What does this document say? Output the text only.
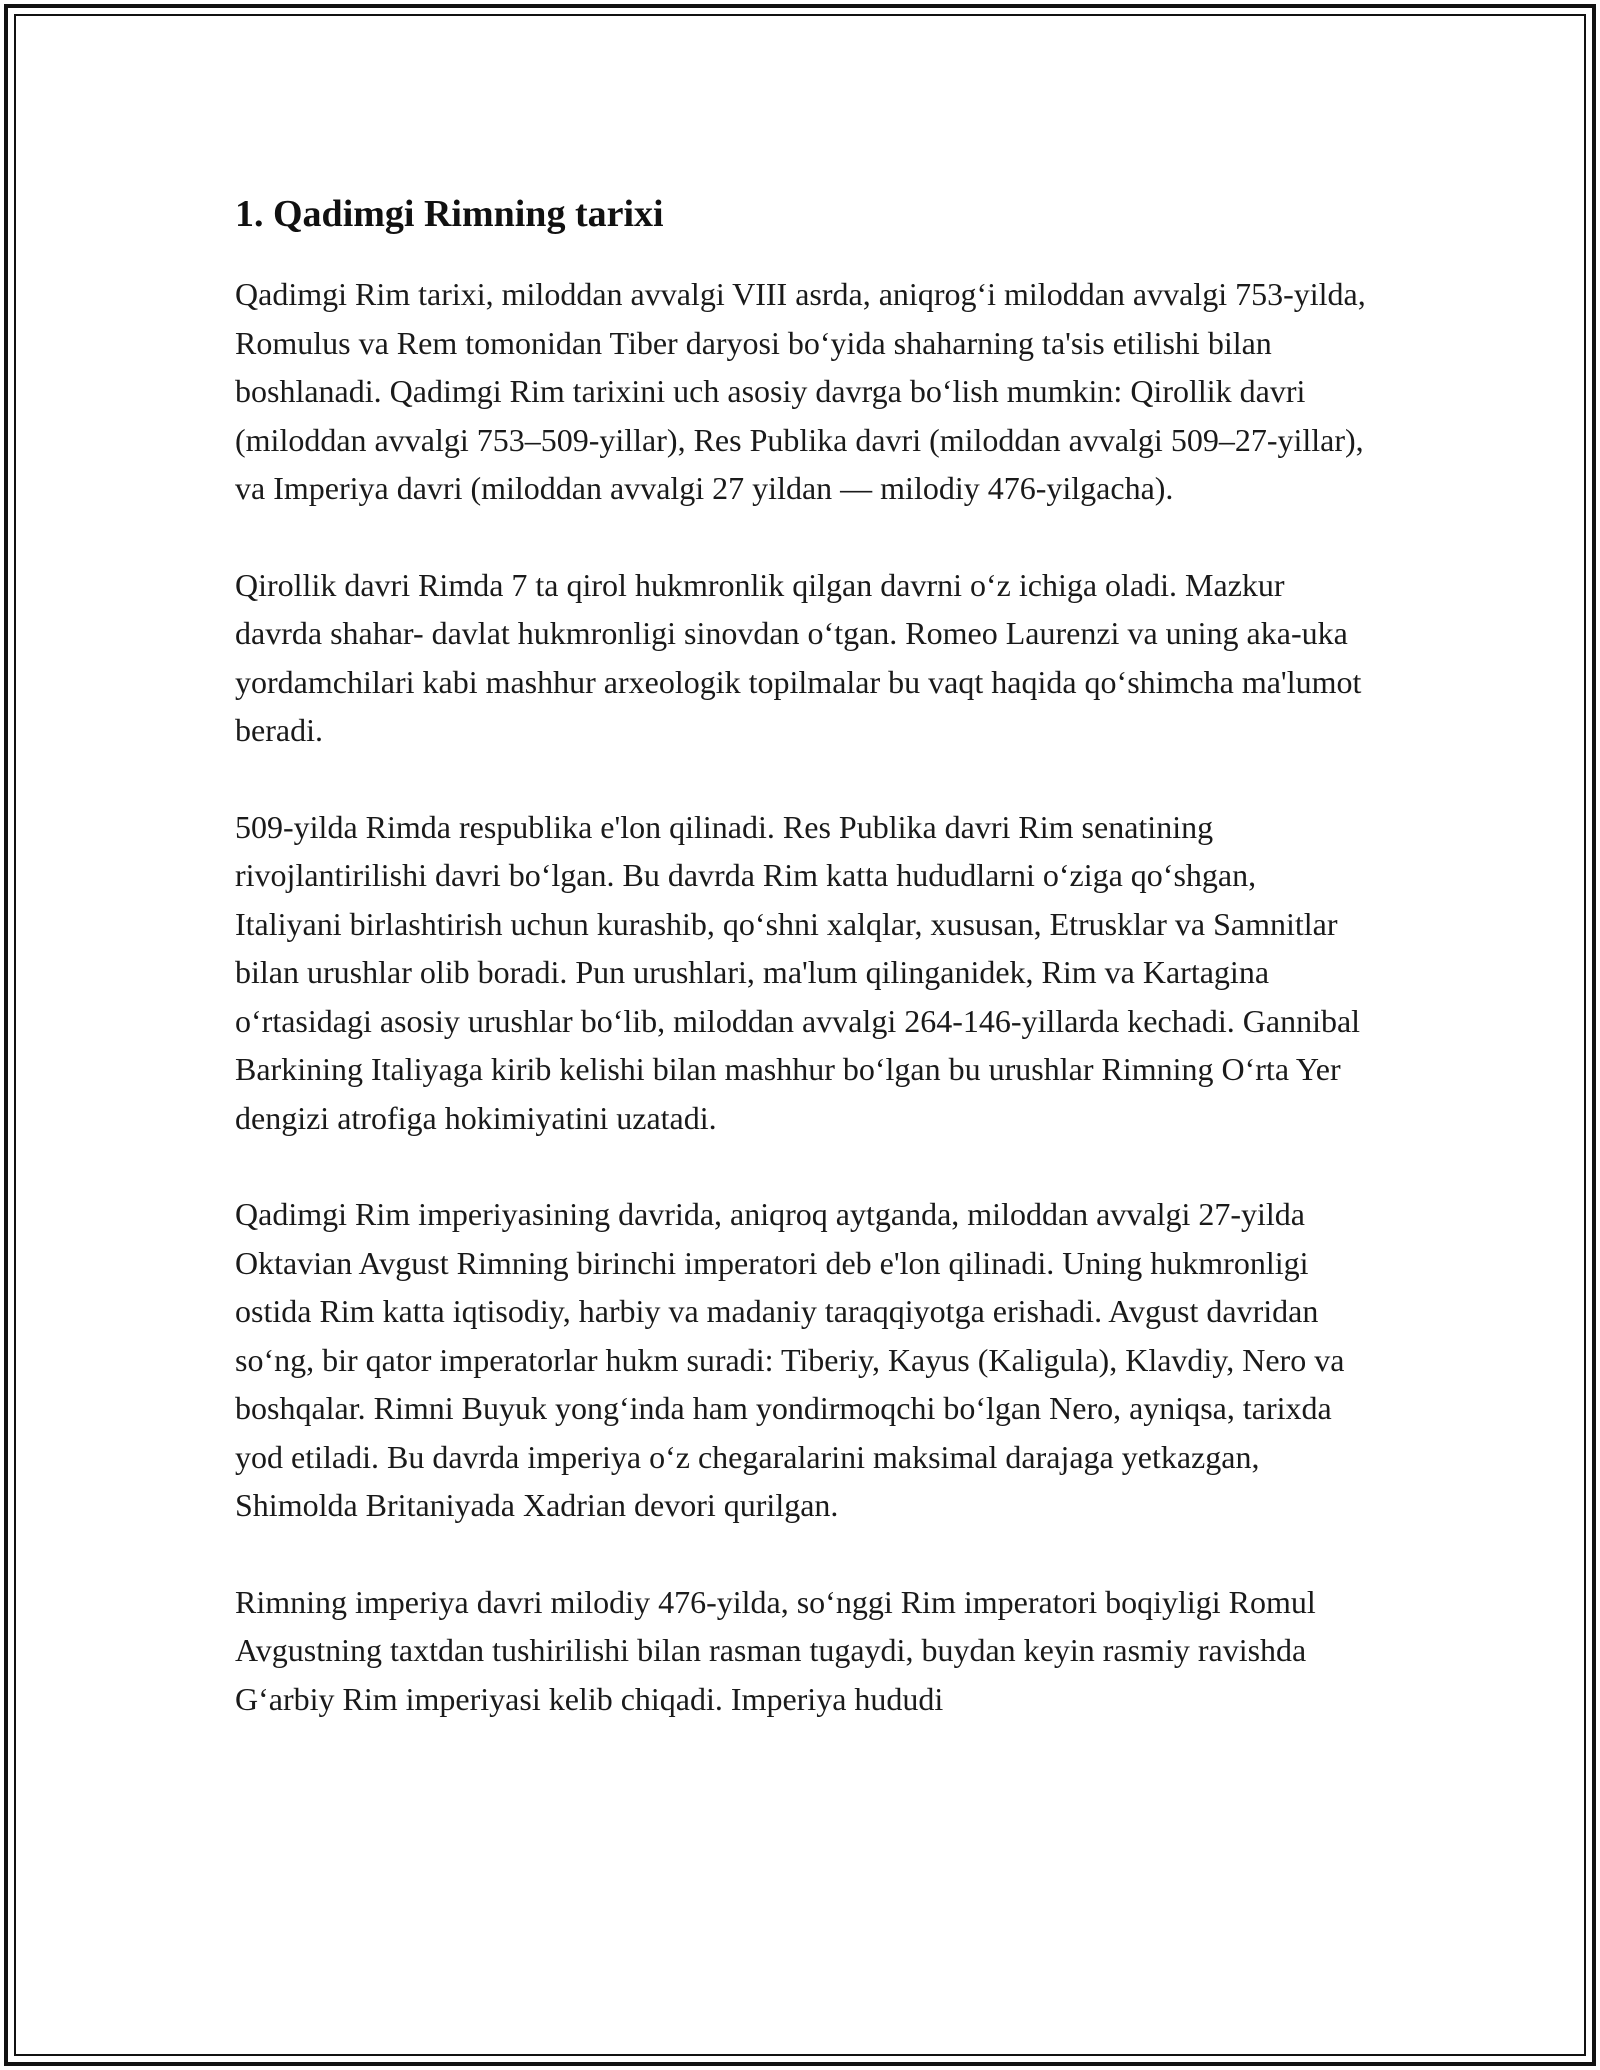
1. Qadimgi Rimning tarixi

Qadimgi Rim tarixi, miloddan avvalgi VIII asrda, aniqrog‘i miloddan avvalgi 753-yilda, Romulus va Rem tomonidan Tiber daryosi bo‘yida shaharning ta'sis etilishi bilan boshlanadi. Qadimgi Rim tarixini uch asosiy davrga bo‘lish mumkin: Qirollik davri (miloddan avvalgi 753–509-yillar), Res Publika davri (miloddan avvalgi 509–27-yillar), va Imperiya davri (miloddan avvalgi 27 yildan — milodiy 476-yilgacha).

Qirollik davri Rimda 7 ta qirol hukmronlik qilgan davrni o‘z ichiga oladi. Mazkur davrda shahar- davlat hukmronligi sinovdan o‘tgan. Romeo Laurenzi va uning aka-uka yordamchilari kabi mashhur arxeologik topilmalar bu vaqt haqida qo‘shimcha ma'lumot beradi.

509-yilda Rimda respublika e'lon qilinadi. Res Publika davri Rim senatining rivojlantirilishi davri bo‘lgan. Bu davrda Rim katta hududlarni o‘ziga qo‘shgan, Italiyani birlashtirish uchun kurashib, qo‘shni xalqlar, xususan, Etrusklar va Samnitlar bilan urushlar olib boradi. Pun urushlari, ma'lum qilinganidek, Rim va Kartagina o‘rtasidagi asosiy urushlar bo‘lib, miloddan avvalgi 264-146-yillarda kechadi. Gannibal Barkining Italiyaga kirib kelishi bilan mashhur bo‘lgan bu urushlar Rimning O‘rta Yer dengizi atrofiga hokimiyatini uzatadi.

Qadimgi Rim imperiyasining davrida, aniqroq aytganda, miloddan avvalgi 27-yilda Oktavian Avgust Rimning birinchi imperatori deb e'lon qilinadi. Uning hukmronligi ostida Rim katta iqtisodiy, harbiy va madaniy taraqqiyotga erishadi. Avgust davridan so‘ng, bir qator imperatorlar hukm suradi: Tiberiy, Kayus (Kaligula), Klavdiy, Nero va boshqalar. Rimni Buyuk yong‘inda ham yondirmoqchi bo‘lgan Nero, ayniqsa, tarixda yod etiladi. Bu davrda imperiya o‘z chegaralarini maksimal darajaga yetkazgan, Shimolda Britaniyada Xadrian devori qurilgan.

Rimning imperiya davri milodiy 476-yilda, so‘nggi Rim imperatori boqiyligi Romul Avgustning taxtdan tushirilishi bilan rasman tugaydi, buydan keyin rasmiy ravishda G‘arbiy Rim imperiyasi kelib chiqadi. Imperiya hududi
